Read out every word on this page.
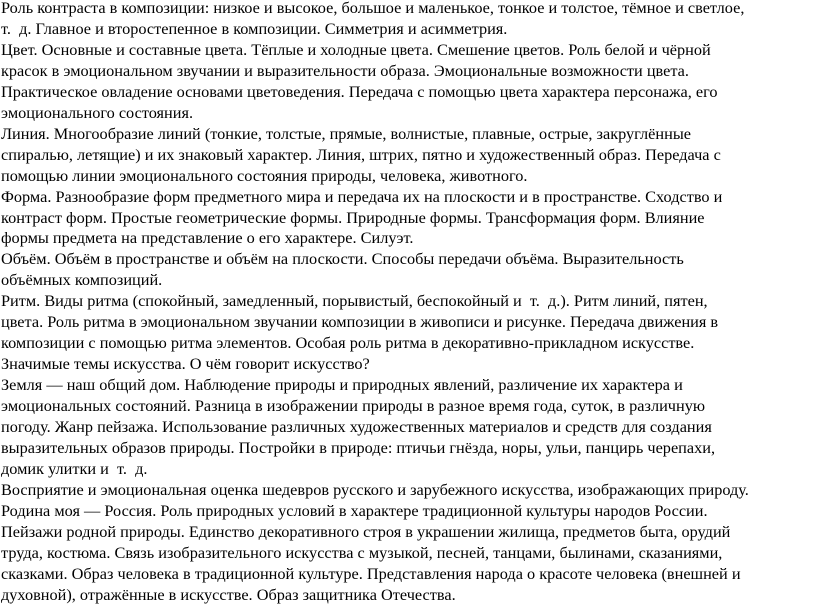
Роль контраста в композиции: низкое и высокое, большое и маленькое, тонкое и толстое, тёмное и светлое,

т.  д. Главное и второстепенное в композиции. Симметрия и асимметрия.

Цвет. Основные и составные цвета. Тёплые и холодные цвета. Смешение цветов. Роль белой и чёрной

красок в эмоциональном звучании и выразительности образа. Эмоциональные возможности цвета.

Практическое овладение основами цветоведения. Передача с помощью цвета характера персонажа, его

эмоционального состояния.

Линия. Многообразие линий (тонкие, толстые, прямые, волнистые, плавные, острые, закруглённые

спиралью, летящие) и их знаковый характер. Линия, штрих, пятно и художественный образ. Передача с

помощью линии эмоционального состояния природы, человека, животного.

Форма. Разнообразие форм предметного мира и передача их на плоскости и в пространстве. Сходство и

контраст форм. Простые геометрические формы. Природные формы. Трансформация форм. Влияние

формы предмета на представление о его характере. Силуэт.

Объём. Объём в пространстве и объём на плоскости. Способы передачи объёма. Выразительность

объёмных композиций.

Ритм. Виды ритма (спокойный, замедленный, порывистый, беспокойный и  т.  д.). Ритм линий, пятен,

цвета. Роль ритма в эмоциональном звучании композиции в живописи и рисунке. Передача движения в

композиции с помощью ритма элементов. Особая роль ритма в декоративно-прикладном искусстве.

Значимые темы искусства. О чём говорит искусство?

Земля — наш общий дом. Наблюдение природы и природных явлений, различение их характера и

эмоциональных состояний. Разница в изображении природы в разное время года, суток, в различную

погоду. Жанр пейзажа. Использование различных художественных материалов и средств для создания

выразительных образов природы. Постройки в природе: птичьи гнёзда, норы, ульи, панцирь черепахи,

домик улитки и  т.  д.

Восприятие и эмоциональная оценка шедевров русского и зарубежного искусства, изображающих природу.

Родина моя — Россия. Роль природных условий в характере традиционной культуры народов России.

Пейзажи родной природы. Единство декоративного строя в украшении жилища, предметов быта, орудий

труда, костюма. Связь изобразительного искусства с музыкой, песней, танцами, былинами, сказаниями,

сказками. Образ человека в традиционной культуре. Представления народа о красоте человека (внешней и

духовной), отражённые в искусстве. Образ защитника Отечества.
